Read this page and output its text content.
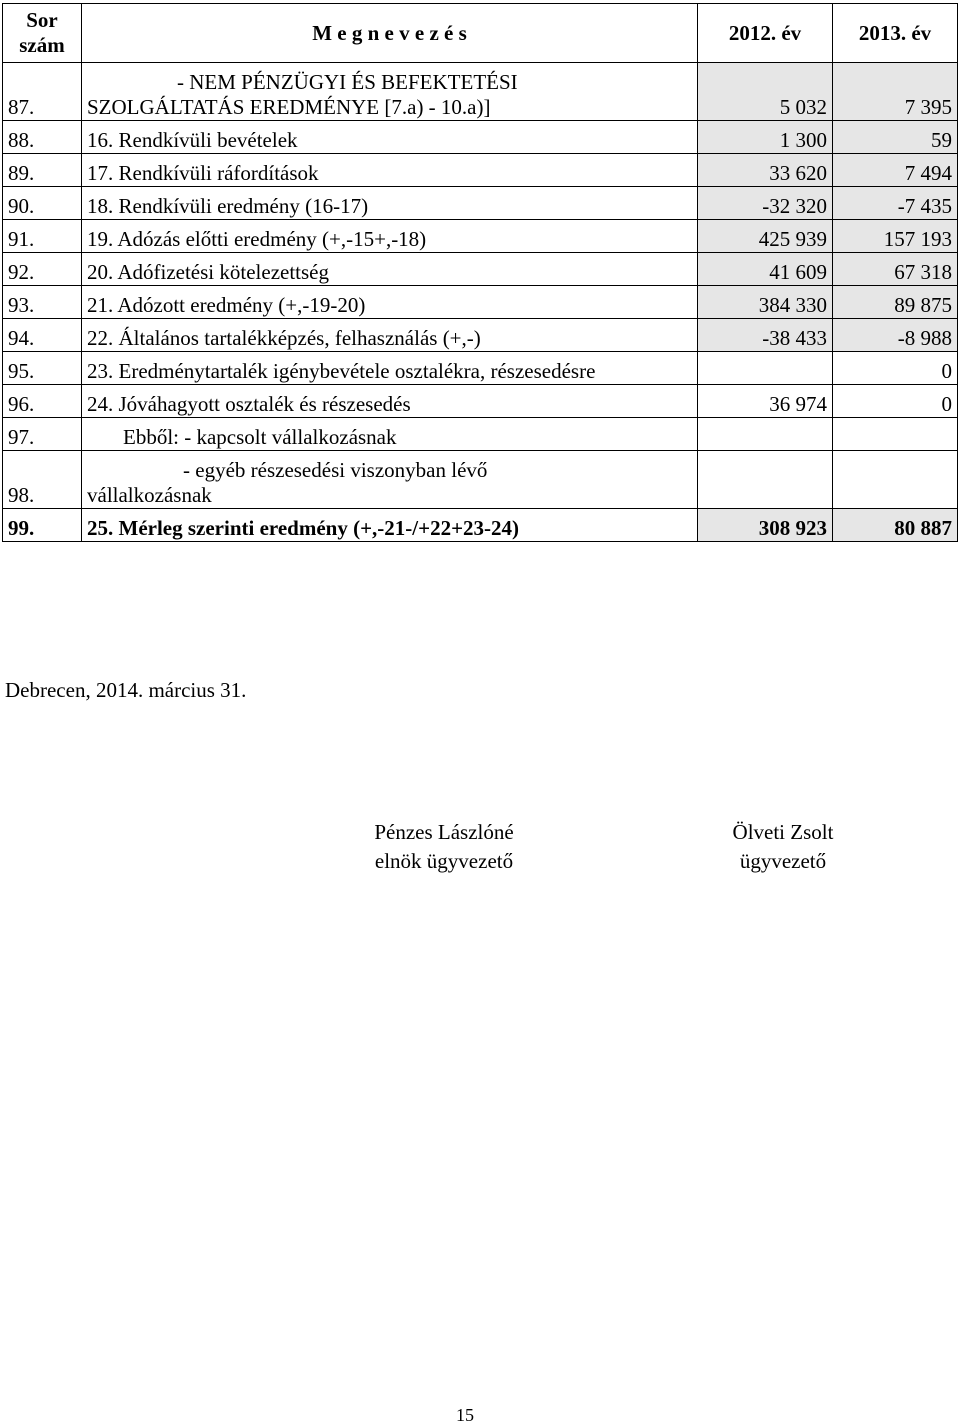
Sor
szám	M e g n e v e z é s	2012. év	2013. év
87.	- NEM PÉNZÜGYI ÉS BEFEKTETÉSI
SZOLGÁLTATÁS EREDMÉNYE [7.a) - 10.a)]	5 032	7 395
88.	16. Rendkívüli bevételek	1 300	59
89.	17. Rendkívüli ráfordítások	33 620	7 494
90.	18. Rendkívüli eredmény (16-17)	-32 320	-7 435
91.	19. Adózás előtti eredmény (+,-15+,-18)	425 939	157 193
92.	20. Adófizetési kötelezettség	41 609	67 318
93.	21. Adózott eredmény (+,-19-20)	384 330	89 875
94.	22. Általános tartalékképzés, felhasználás (+,-)	-38 433	-8 988
95.	23. Eredménytartalék igénybevétele osztalékra, részesedésre		0
96.	24. Jóváhagyott osztalék és részesedés	36 974	0
97.	Ebből: - kapcsolt vállalkozásnak		
98.	- egyéb részesedési viszonyban lévő
vállalkozásnak		
99.	25. Mérleg szerinti eredmény (+,-21-/+22+23-24)	308 923	80 887
Debrecen, 2014. március 31.
Pénzes Lászlóné
elnök ügyvezető
Ölveti Zsolt
ügyvezető
15
